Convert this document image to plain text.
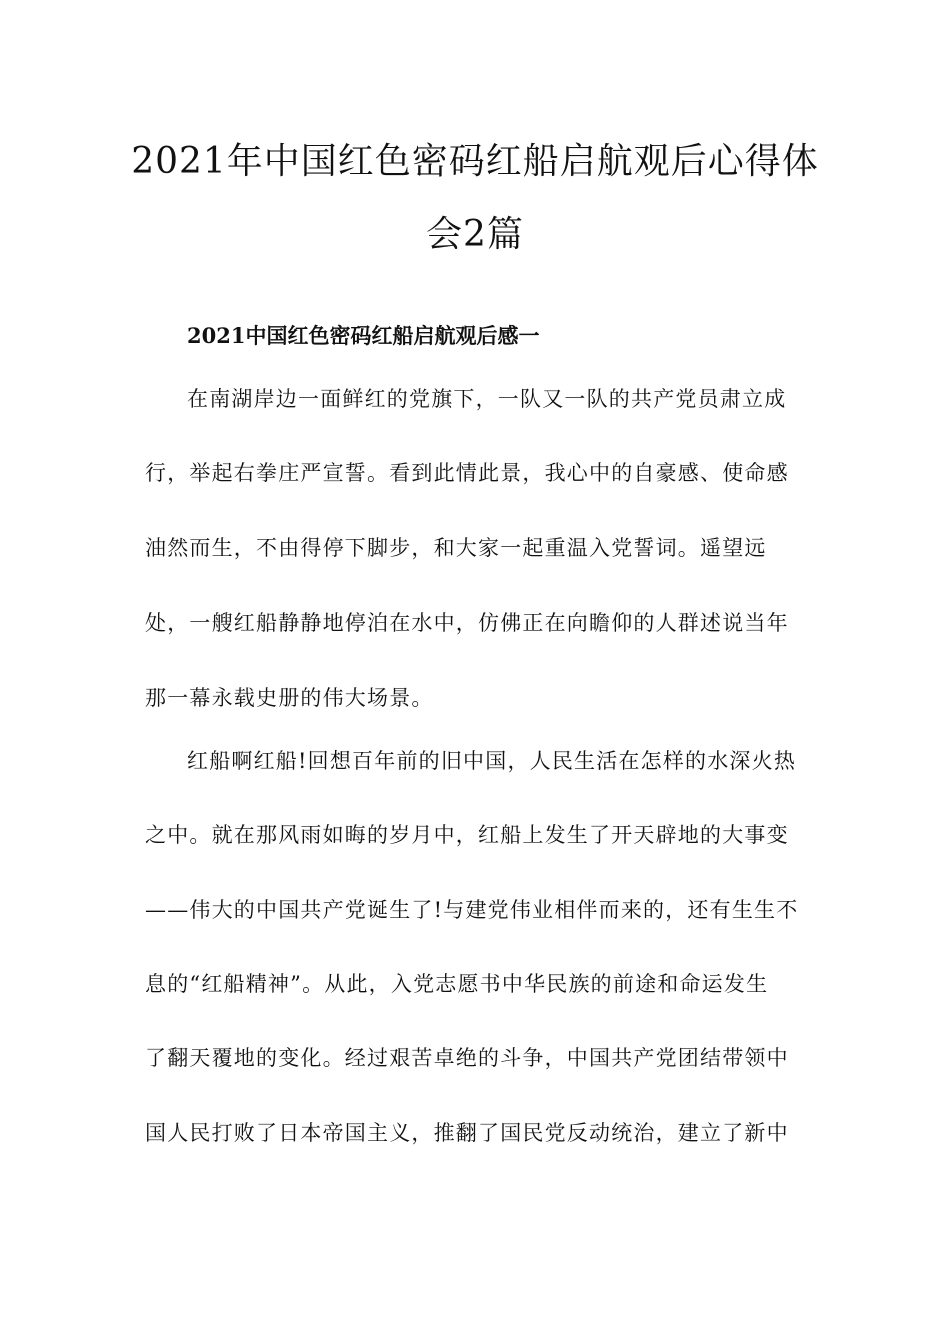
2021年中国红色密码红船启航观后心得体
会2篇
2021中国红色密码红船启航观后感一
在南湖岸边一面鲜红的党旗下，一队又一队的共产党员肃立成
行，举起右拳庄严宣誓。看到此情此景，我心中的自豪感、使命感
油然而生，不由得停下脚步，和大家一起重温入党誓词。遥望远
处，一艘红船静静地停泊在水中，仿佛正在向瞻仰的人群述说当年
那一幕永载史册的伟大场景。
红船啊红船!回想百年前的旧中国，人民生活在怎样的水深火热
之中。就在那风雨如晦的岁月中，红船上发生了开天辟地的大事变
——伟大的中国共产党诞生了!与建党伟业相伴而来的，还有生生不
息的“红船精神”。从此，入党志愿书中华民族的前途和命运发生
了翻天覆地的变化。经过艰苦卓绝的斗争，中国共产党团结带领中
国人民打败了日本帝国主义，推翻了国民党反动统治，建立了新中
